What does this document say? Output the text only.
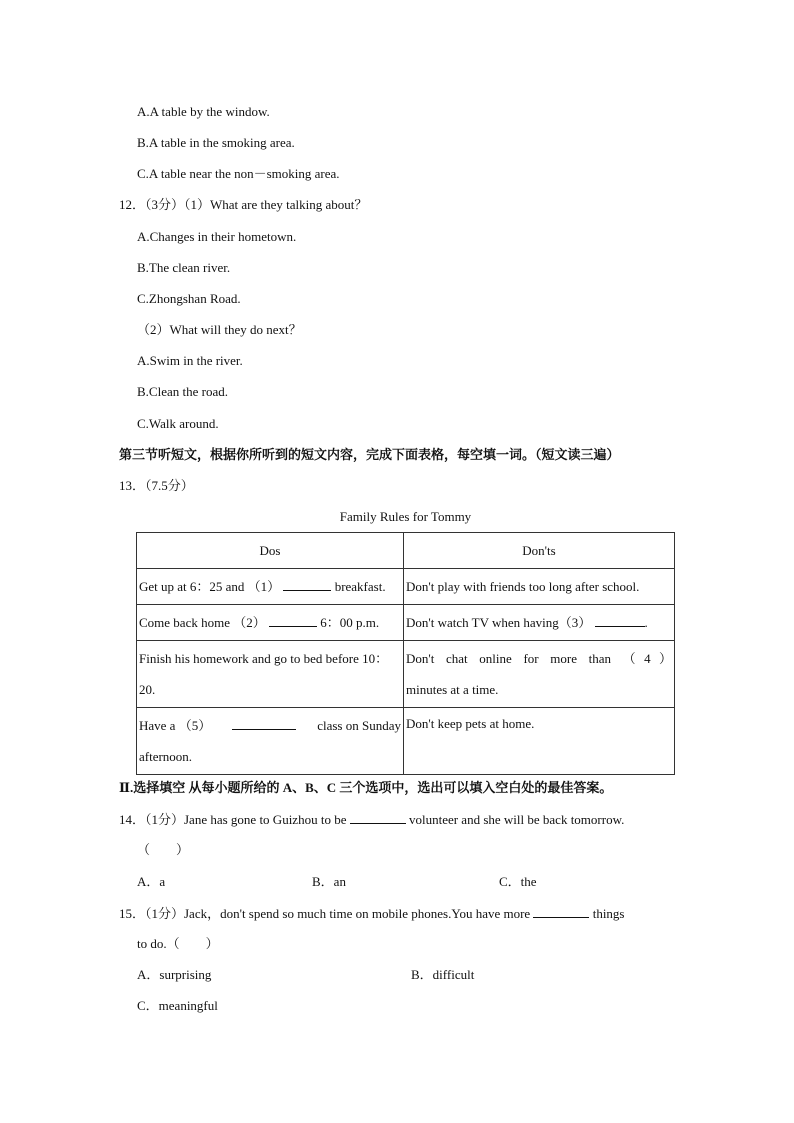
A.A table by the window.
B.A table in the smoking area.
C.A table near the non－smoking area.
12．（3分）（1）What are they talking about？
A.Changes in their hometown.
B.The clean river.
C.Zhongshan Road.
（2）What will they do next？
A.Swim in the river.
B.Clean the road.
C.Walk around.
第三节听短文，根据你所听到的短文内容，完成下面表格，每空填一词。（短文读三遍）
13．（7.5分）
Family Rules for Tommy
Dos	Don'ts
Get up at 6：25 and （1） breakfast.	Don't play with friends too long after school.
Come back home （2） 6：00 p.m.	Don't watch TV when having（3） .

Finish his homework and go to bed before 10：
20.	Don't chat online for more than （4）
minutes at a time.

Have a （5） class on Sunday
afternoon.	Don't keep pets at home.
Ⅱ.选择填空 从每小题所给的 A、B、C 三个选项中，选出可以填入空白处的最佳答案。
14．（1分）Jane has gone to Guizhou to be	volunteer and she will be back tomorrow.
（　　）
A．a	B．an	C．the
15．（1分）Jack，don't spend so much time on mobile phones.You have more	things
to do.（　　）
A．surprising	B．difficult
C．meaningful
